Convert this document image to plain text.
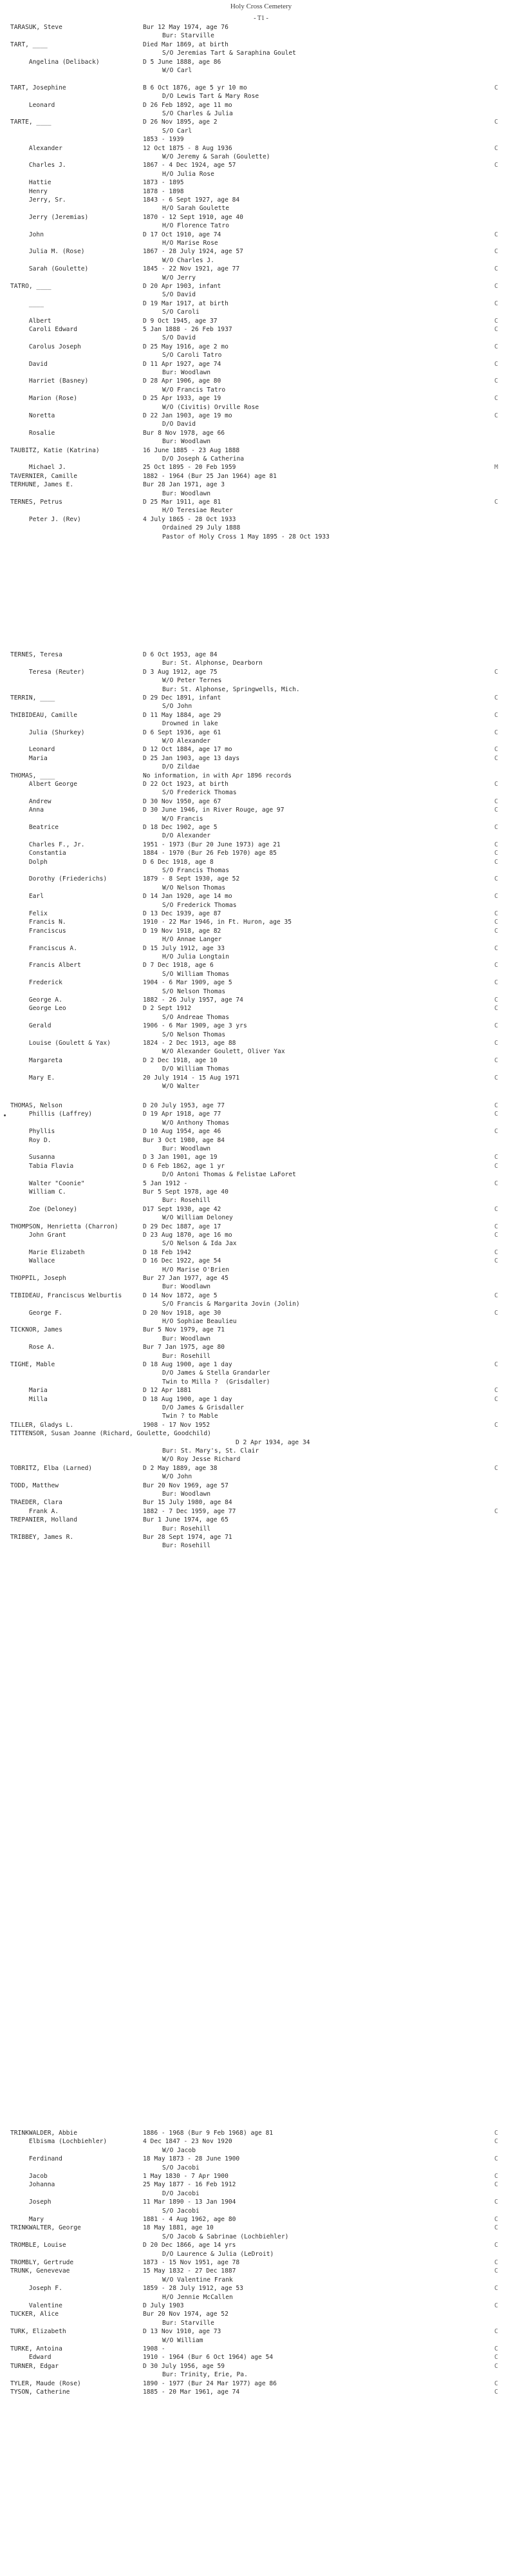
Holy Cross Cemetery
- T1 -
TARASUK, Steve	Bur 12 May 1974, age 76
Bur: Starville
TART, ____	Died Mar 1869, at birth
S/O Jeremias Tart & Saraphina Goulet
Angelina (Deliback)	D 5 June 1888, age 86
W/O Carl
TART, Josephine	B 6 Oct 1876, age 5 yr 10 mo	C
D/O Lewis Tart & Mary Rose
Leonard	D 26 Feb 1892, age 11 mo
S/O Charles & Julia
TARTE, ____	D 26 Nov 1895, age 2	C
S/O Carl
1853 - 1939
Alexander	12 Oct 1875 - 8 Aug 1936	C
W/O Jeremy & Sarah (Goulette)
Charles J.	1867 - 4 Dec 1924, age 57	C
H/O Julia Rose
Hattie	1873 - 1895
Henry	1878 - 1898
Jerry, Sr.	1843 - 6 Sept 1927, age 84
H/O Sarah Goulette
Jerry (Jeremias)	1870 - 12 Sept 1910, age 40
H/O Florence Tatro
John	D 17 Oct 1910, age 74	C
H/O Marise Rose
Julia M. (Rose)	1867 - 28 July 1924, age 57	C
W/O Charles J.
Sarah (Goulette)	1845 - 22 Nov 1921, age 77	C
W/O Jerry
TATRO, ____	D 20 Apr 1903, infant	C
S/O David
____	D 19 Mar 1917, at birth	C
S/O Caroli
Albert	D 9 Oct 1945, age 37	C
Caroli Edward	5 Jan 1888 - 26 Feb 1937	C
S/O David
Carolus Joseph	D 25 May 1916, age 2 mo	C
S/O Caroli Tatro
David	D 11 Apr 1927, age 74	C
Bur: Woodlawn
Harriet (Basney)	D 28 Apr 1906, age 80	C
W/O Francis Tatro
Marion (Rose)	D 25 Apr 1933, age 19	C
W/O (Civitis) Orville Rose
Noretta	D 22 Jan 1903, age 19 mo	C
D/O David
Rosalie	Bur 8 Nov 1978, age 66
Bur: Woodlawn
TAUBITZ, Katie (Katrina)	16 June 1885 - 23 Aug 1888
D/O Joseph & Catherina
Michael J.	25 Oct 1895 - 20 Feb 1959	M
TAVERNIER, Camille	1882 - 1964 (Bur 25 Jan 1964) age 81
TERHUNE, James E.	Bur 28 Jan 1971, age 3
Bur: Woodlawn
TERNES, Petrus	D 25 Mar 1911, age 81	C
H/O Teresiae Reuter
Peter J. (Rev)	4 July 1865 - 28 Oct 1933
Ordained 29 July 1888
Pastor of Holy Cross 1 May 1895 - 28 Oct 1933
TERNES, Teresa	D 6 Oct 1953, age 84
Bur: St. Alphonse, Dearborn
Teresa (Reuter)	D 3 Aug 1912, age 75	C
W/O Peter Ternes
Bur: St. Alphonse, Springwells, Mich.
TERRIN, ____	D 29 Dec 1891, infant	C
S/O John
THIBIDEAU, Camille	D 11 May 1884, age 29	C
Drowned in lake
Julia (Shurkey)	D 6 Sept 1936, age 61	C
W/O Alexander
Leonard	D 12 Oct 1884, age 17 mo	C
Maria	D 25 Jan 1903, age 13 days	C
D/O Zildae
THOMAS, ____	No information, in with Apr 1896 records
Albert George	D 22 Oct 1923, at birth	C
S/O Frederick Thomas
Andrew	D 30 Nov 1950, age 67	C
Anna	D 30 June 1946, in River Rouge, age 97	C
W/O Francis
Beatrice	D 18 Dec 1902, age 5	C
D/O Alexander
Charles F., Jr.	1951 - 1973 (Bur 20 June 1973) age 21	C
Constantia	1884 - 1970 (Bur 26 Feb 1970) age 85	C
Dolph	D 6 Dec 1918, age 8	C
S/O Francis Thomas
Dorothy (Friederichs)	1879 - 8 Sept 1930, age 52	C
W/O Nelson Thomas
Earl	D 14 Jan 1920, age 14 mo	C
S/O Frederick Thomas
Felix	D 13 Dec 1939, age 87	C
Francis N.	1910 - 22 Mar 1946, in Ft. Huron, age 35	C
Franciscus	D 19 Nov 1918, age 82	C
H/O Annae Langer
Franciscus A.	D 15 July 1912, age 33	C
H/O Julia Longtain
Francis Albert	D 7 Dec 1918, age 6	C
S/O William Thomas
Frederick	1904 - 6 Mar 1909, age 5	C
S/O Nelson Thomas
George A.	1882 - 26 July 1957, age 74	C
George Leo	D 2 Sept 1912	C
S/O Andreae Thomas
Gerald	1906 - 6 Mar 1909, age 3 yrs	C
S/O Nelson Thomas
Louise (Goulett & Yax)	1824 - 2 Dec 1913, age 88	C
W/O Alexander Goulett, Oliver Yax
Margareta	D 2 Dec 1918, age 10	C
D/O William Thomas
Mary E.	20 July 1914 - 15 Aug 1971	C
W/O Walter
THOMAS, Nelson	D 20 July 1953, age 77	C
Phillis (Laffrey)	D 19 Apr 1918, age 77	C
W/O Anthony Thomas
Phyllis	D 10 Aug 1954, age 46	C
Roy D.	Bur 3 Oct 1980, age 84
Bur: Woodlawn
Susanna	D 3 Jan 1901, age 19	C
Tabia Flavia	D 6 Feb 1862, age 1 yr	C
D/O Antoni Thomas & Felistae LaForet
Walter "Coonie"	5 Jan 1912 -	C
William C.	Bur 5 Sept 1978, age 40
Bur: Rosehill
Zoe (Deloney)	D17 Sept 1930, age 42	C
W/O William Deloney
THOMPSON, Henrietta (Charron)	D 29 Dec 1887, age 17	C
John Grant	D 23 Aug 1870, age 16 mo	C
S/O Nelson & Ida Jax
Marie Elizabeth	D 18 Feb 1942	C
Wallace	D 16 Dec 1922, age 54	C
H/O Marise O'Brien
THOPPIL, Joseph	Bur 27 Jan 1977, age 45
Bur: Woodlawn
TIBIDEAU, Franciscus Welburtis	D 14 Nov 1872, age 5	C
S/O Francis & Margarita Jovin (Jolin)
George F.	D 20 Nov 1918, age 30	C
H/O Sophiae Beaulieu
TICKNOR, James	Bur 5 Nov 1979, age 71
Bur: Woodlawn
Rose A.	Bur 7 Jan 1975, age 80
Bur: Rosehill
TIGHE, Mable	D 18 Aug 1900, age 1 day	C
D/O James & Stella Grandarler
Twin to Milla ?  (Grisdaller)
Maria	D 12 Apr 1881	C
Milla	D 18 Aug 1900, age 1 day	C
D/O James & Grisdaller
Twin ? to Mable
TILLER, Gladys L.	1908 - 17 Nov 1952	C
TITTENSOR, Susan Joanne (Richard, Goulette, Goodchild)
D 2 Apr 1934, age 34
Bur: St. Mary's, St. Clair
W/O Roy Jesse Richard
TOBRITZ, Elba (Larned)	D 2 May 1889, age 38	C
W/O John
TODD, Matthew	Bur 20 Nov 1969, age 57
Bur: Woodlawn
TRAEDER, Clara	Bur 15 July 1980, age 84
Frank A.	1882 - 7 Dec 1959, age 77	C
TREPANIER, Holland	Bur 1 June 1974, age 65
Bur: Rosehill
TRIBBEY, James R.	Bur 28 Sept 1974, age 71
Bur: Rosehill
TRINKWALDER, Abbie	1886 - 1968 (Bur 9 Feb 1968) age 81	C
Elbisma (Lochbiehler)	4 Dec 1847 - 23 Nov 1920	C
W/O Jacob
Ferdinand	18 May 1873 - 28 June 1900	C
S/O Jacobi
Jacob	1 May 1830 - 7 Apr 1900	C
Johanna	25 May 1877 - 16 Feb 1912	C
D/O Jacobi
Joseph	11 Mar 1890 - 13 Jan 1904	C
S/O Jacobi
Mary	1881 - 4 Aug 1962, age 80	C
TRINKWALTER, George	18 May 1881, age 10	C
S/O Jacob & Sabrinae (Lochbiehler)
TROMBLE, Louise	D 20 Dec 1866, age 14 yrs	C
D/O Laurence & Julia (LeDroit)
TROMBLY, Gertrude	1873 - 15 Nov 1951, age 78	C
TRUNK, Genevevae	15 May 1832 - 27 Dec 1887	C
W/O Valentine Frank
Joseph F.	1859 - 28 July 1912, age 53	C
H/O Jennie McCallen
Valentine	D July 1903	C
TUCKER, Alice	Bur 20 Nov 1974, age 52
Bur: Starville
TURK, Elizabeth	D 13 Nov 1910, age 73	C
W/O William
TURKE, Antoina	1908 -	C
Edward	1910 - 1964 (Bur 6 Oct 1964) age 54	C
TURNER, Edgar	D 30 July 1956, age 59	C
Bur: Trinity, Erie, Pa.
TYLER, Maude (Rose)	1890 - 1977 (Bur 24 Mar 1977) age 86	C
TYSON, Catherine	1885 - 20 Mar 1961, age 74	C
